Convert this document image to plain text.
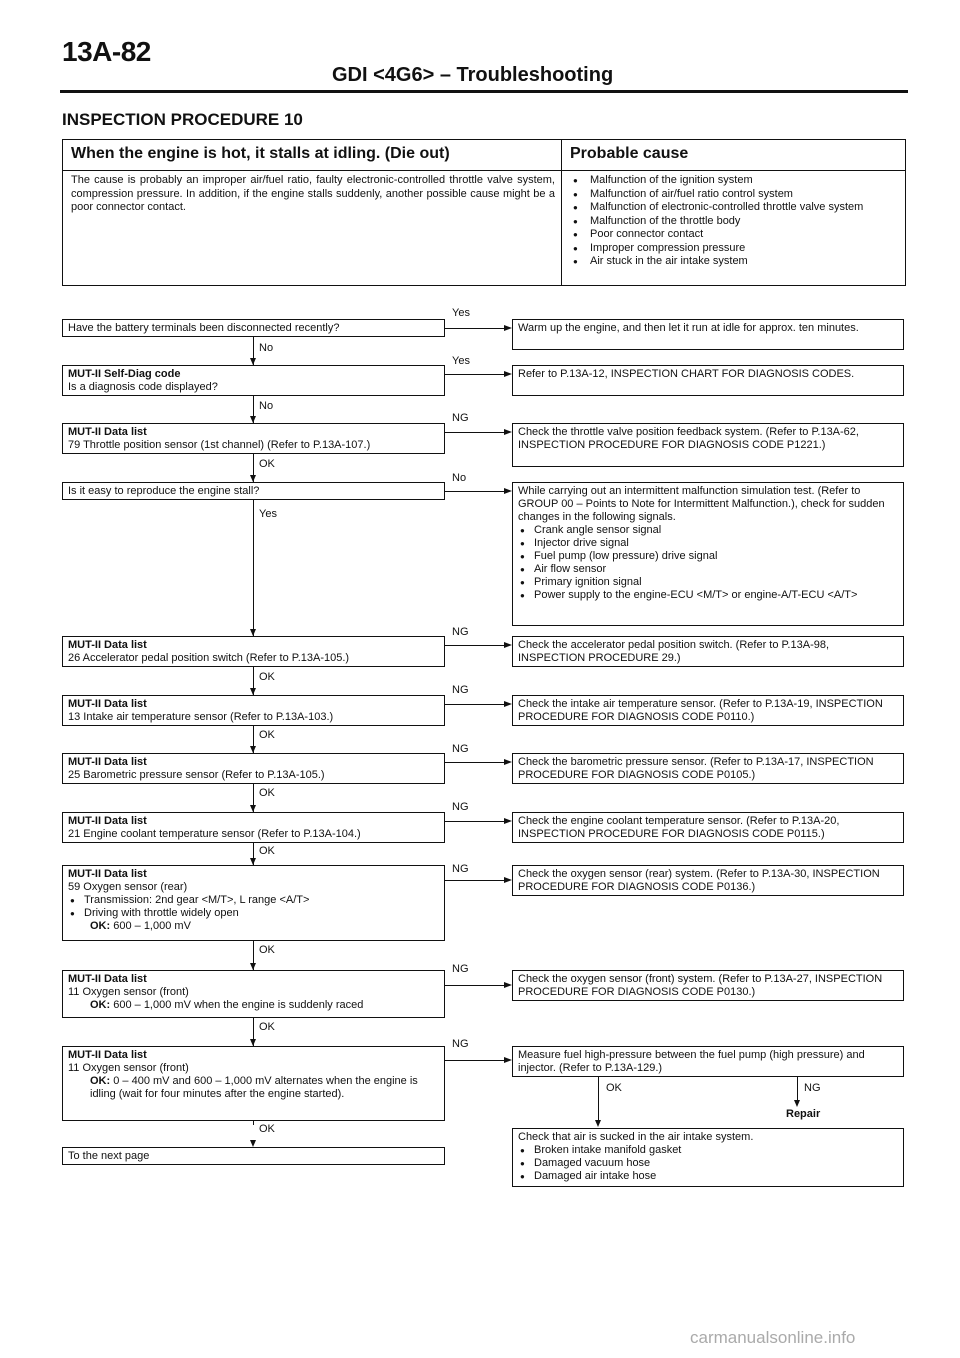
13A-82
GDI <4G6> – Troubleshooting
INSPECTION PROCEDURE 10
When the engine is hot, it stalls at idling. (Die out)	Probable cause
The cause is probably an improper air/fuel ratio, faulty electronic-controlled throttle valve system, compression pressure. In addition, if the engine stalls suddenly, another possible cause might be a poor connector contact.
● Malfunction of the ignition system
● Malfunction of air/fuel ratio control system
● Malfunction of electronic-controlled throttle valve system
● Malfunction of the throttle body
● Poor connector contact
● Improper compression pressure
● Air stuck in the air intake system
Have the battery terminals been disconnected recently?
MUT-II Self-Diag code
Is a diagnosis code displayed?
MUT-II Data list
79 Throttle position sensor (1st channel) (Refer to P.13A-107.)
Is it easy to reproduce the engine stall?
MUT-II Data list
26 Accelerator pedal position switch (Refer to P.13A-105.)
MUT-II Data list
13 Intake air temperature sensor (Refer to P.13A-103.)
MUT-II Data list
25 Barometric pressure sensor (Refer to P.13A-105.)
MUT-II Data list
21 Engine coolant temperature sensor (Refer to P.13A-104.)
MUT-II Data list
59 Oxygen sensor (rear)
● Transmission: 2nd gear <M/T>, L range <A/T>
● Driving with throttle widely open
OK: 600 – 1,000 mV
MUT-II Data list
11 Oxygen sensor (front)
OK: 600 – 1,000 mV when the engine is suddenly raced
MUT-II Data list
11 Oxygen sensor (front)
OK: 0 – 400 mV and 600 – 1,000 mV alternates when the engine is idling (wait for four minutes after the engine started).
To the next page
Warm up the engine, and then let it run at idle for approx. ten minutes.
Refer to P.13A-12, INSPECTION CHART FOR DIAGNOSIS CODES.
Check the throttle valve position feedback system. (Refer to P.13A-62, INSPECTION PROCEDURE FOR DIAGNOSIS CODE P1221.)
While carrying out an intermittent malfunction simulation test. (Refer to GROUP 00 – Points to Note for Intermittent Malfunction.), check for sudden changes in the following signals.
● Crank angle sensor signal
● Injector drive signal
● Fuel pump (low pressure) drive signal
● Air flow sensor
● Primary ignition signal
● Power supply to the engine-ECU <M/T> or engine-A/T-ECU <A/T>
Check the accelerator pedal position switch. (Refer to P.13A-98, INSPECTION PROCEDURE 29.)
Check the intake air temperature sensor. (Refer to P.13A-19, INSPECTION PROCEDURE FOR DIAGNOSIS CODE P0110.)
Check the barometric pressure sensor. (Refer to P.13A-17, INSPECTION PROCEDURE FOR DIAGNOSIS CODE P0105.)
Check the engine coolant temperature sensor. (Refer to P.13A-20, INSPECTION PROCEDURE FOR DIAGNOSIS CODE P0115.)
Check the oxygen sensor (rear) system. (Refer to P.13A-30, INSPECTION PROCEDURE FOR DIAGNOSIS CODE P0136.)
Check the oxygen sensor (front) system. (Refer to P.13A-27, INSPECTION PROCEDURE FOR DIAGNOSIS CODE P0130.)
Measure fuel high-pressure between the fuel pump (high pressure) and injector. (Refer to P.13A-129.)
Check that air is sucked in the air intake system.
● Broken intake manifold gasket
● Damaged vacuum hose
● Damaged air intake hose
Yes
Yes
NG
No
NG
NG
NG
NG
NG
NG
NG
No
No
OK
Yes
OK
OK
OK
OK
OK
OK
OK
OK	NG
Repair
carmanualsonline.info
